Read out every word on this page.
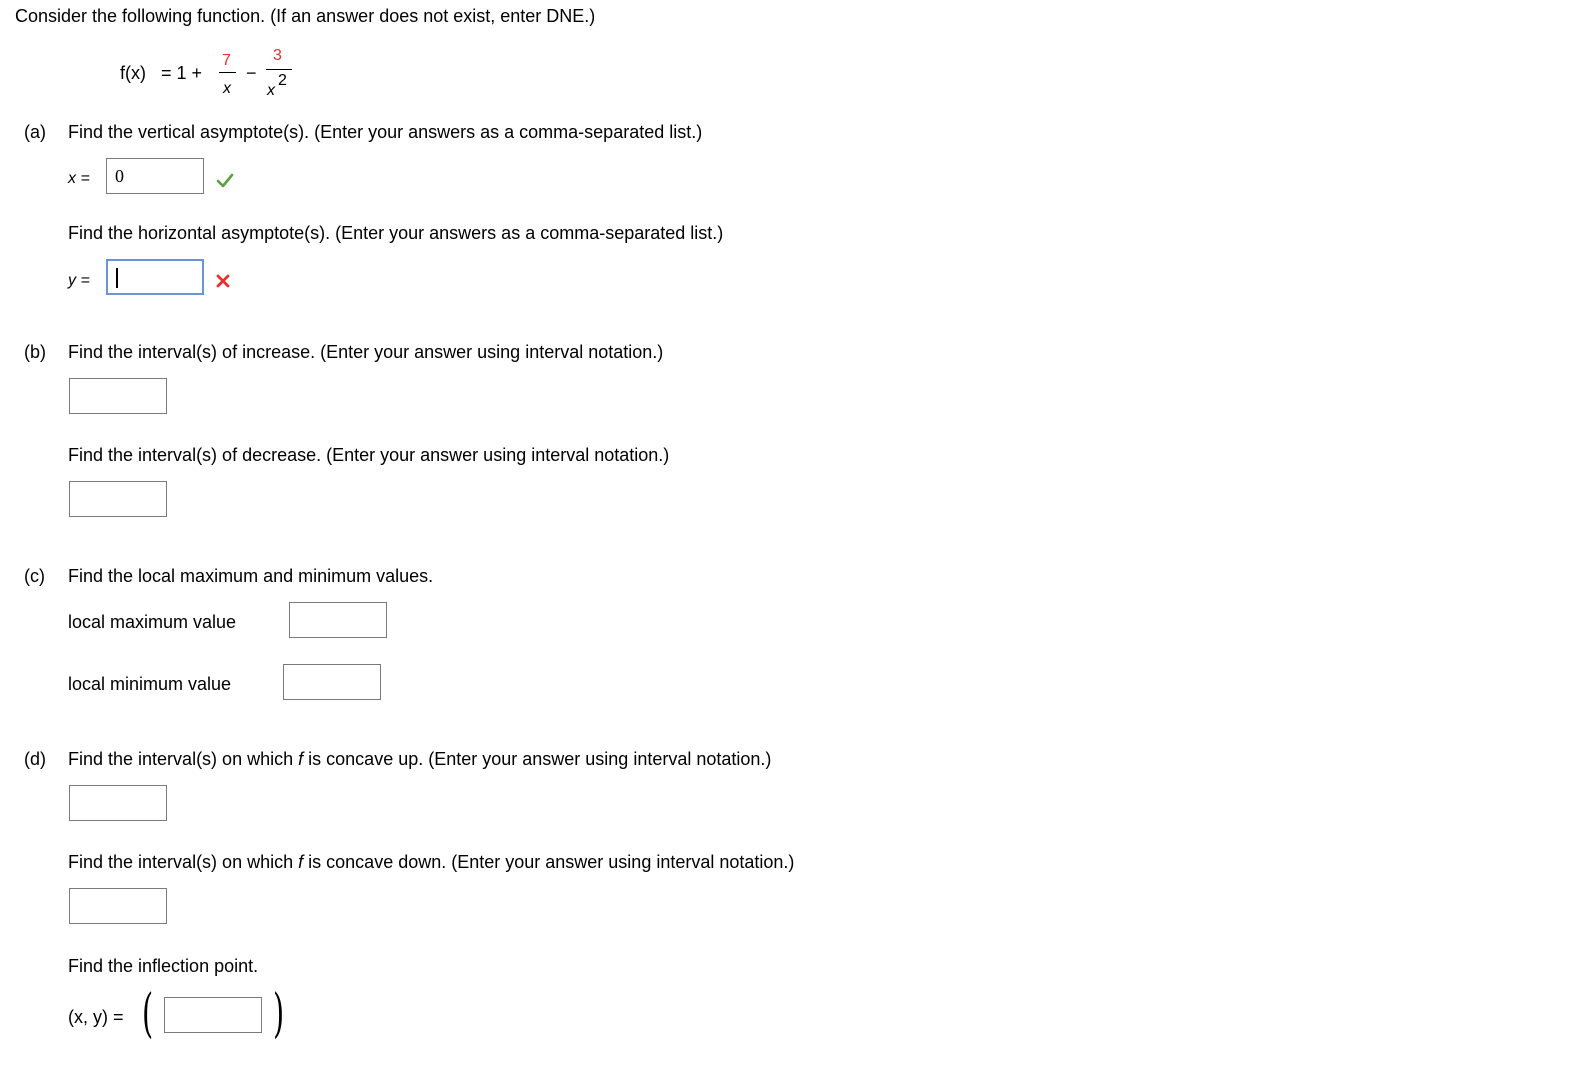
Consider the following function. (If an answer does not exist, enter DNE.)
f(x) = 1 +
7
x
−
3
x
2
(a) Find the vertical asymptote(s). (Enter your answers as a comma-separated list.)
x =	0
Find the horizontal asymptote(s). (Enter your answers as a comma-separated list.)
y =
(b) Find the interval(s) of increase. (Enter your answer using interval notation.)
Find the interval(s) of decrease. (Enter your answer using interval notation.)
(c) Find the local maximum and minimum values.
local maximum value
local minimum value
(d) Find the interval(s) on which f is concave up. (Enter your answer using interval notation.)
Find the interval(s) on which f is concave down. (Enter your answer using interval notation.)
Find the inflection point.
(x, y) = ( )
